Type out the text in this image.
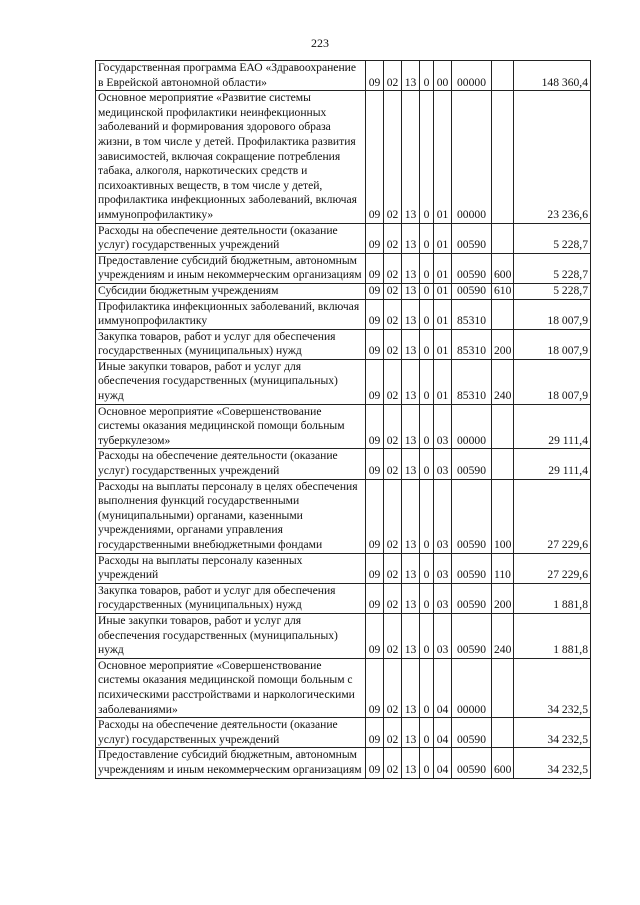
223
Государственная программа ЕАО «Здравоохранение в Еврейской автономной области»	09	02	13	0	00	00000		148 360,4
Основное мероприятие «Развитие системы медицинской профилактики неинфекционных заболеваний и формирования здорового образа жизни, в том числе у детей. Профилактика развития зависимостей, включая сокращение потребления табака, алкоголя, наркотических средств и психоактивных веществ, в том числе у детей, профилактика инфекционных заболеваний, включая иммунопрофилактику»	09	02	13	0	01	00000		23 236,6
Расходы на обеспечение деятельности (оказание услуг) государственных учреждений	09	02	13	0	01	00590		5 228,7
Предоставление субсидий бюджетным, автономным учреждениям и иным некоммерческим организациям	09	02	13	0	01	00590	600	5 228,7
Субсидии бюджетным учреждениям	09	02	13	0	01	00590	610	5 228,7
Профилактика инфекционных заболеваний, включая иммунопрофилактику	09	02	13	0	01	85310		18 007,9
Закупка товаров, работ и услуг для обеспечения государственных (муниципальных) нужд	09	02	13	0	01	85310	200	18 007,9
Иные закупки товаров, работ и услуг для обеспечения государственных (муниципальных) нужд	09	02	13	0	01	85310	240	18 007,9
Основное мероприятие «Совершенствование системы оказания медицинской помощи больным туберкулезом»	09	02	13	0	03	00000		29 111,4
Расходы на обеспечение деятельности (оказание услуг) государственных учреждений	09	02	13	0	03	00590		29 111,4
Расходы на выплаты персоналу в целях обеспечения выполнения функций государственными (муниципальными) органами, казенными учреждениями, органами управления государственными внебюджетными фондами	09	02	13	0	03	00590	100	27 229,6
Расходы на выплаты персоналу казенных учреждений	09	02	13	0	03	00590	110	27 229,6
Закупка товаров, работ и услуг для обеспечения государственных (муниципальных) нужд	09	02	13	0	03	00590	200	1 881,8
Иные закупки товаров, работ и услуг для обеспечения государственных (муниципальных) нужд	09	02	13	0	03	00590	240	1 881,8
Основное мероприятие «Совершенствование системы оказания медицинской помощи больным с психическими расстройствами и наркологическими заболеваниями»	09	02	13	0	04	00000		34 232,5
Расходы на обеспечение деятельности (оказание услуг) государственных учреждений	09	02	13	0	04	00590		34 232,5
Предоставление субсидий бюджетным, автономным учреждениям и иным некоммерческим организациям	09	02	13	0	04	00590	600	34 232,5
